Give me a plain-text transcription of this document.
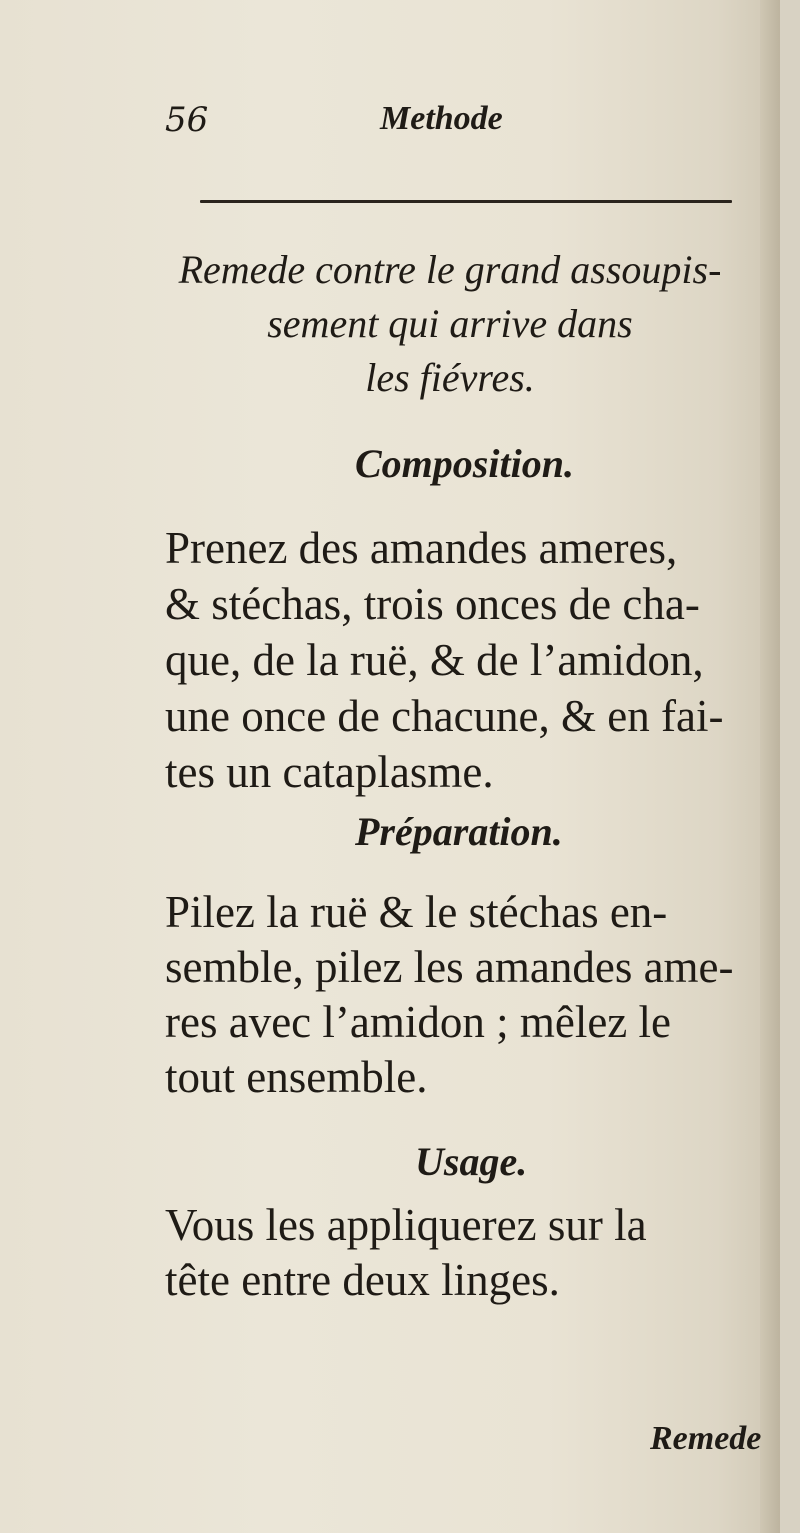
56	Methode
Remede contre le grand assoupis-
sement qui arrive dans
les fiévres.
Composition.
Prenez des amandes ameres,
& stéchas, trois onces de cha-
que, de la ruë, & de l’amidon,
une once de chacune, & en fai-
tes un cataplasme.
Préparation.
Pilez la ruë & le stéchas en-
semble, pilez les amandes ame-
res avec l’amidon ; mêlez le
tout ensemble.
Usage.
Vous les appliquerez sur la
tête entre deux linges.
Remede
